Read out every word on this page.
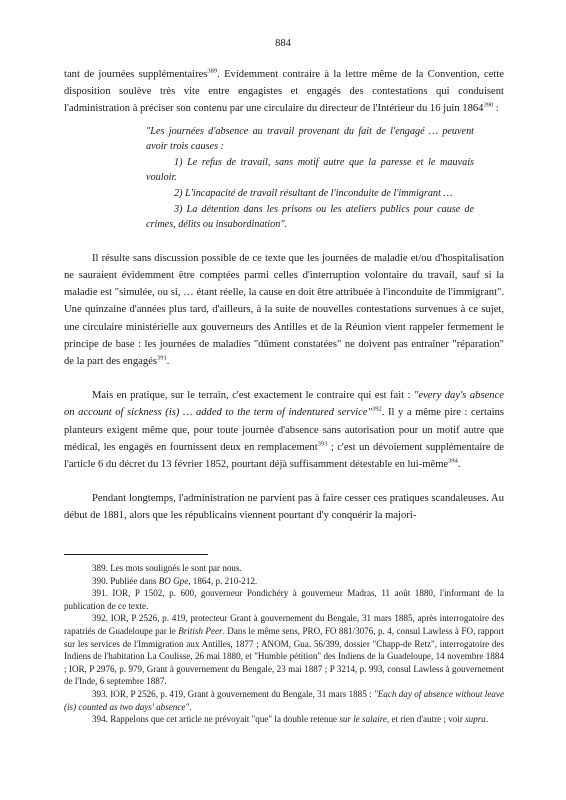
884

tant de journées supplémentaires$^{389}$. Evidemment contraire à la lettre même de la Convention, cette disposition soulève très vite entre engagistes et engagés des contestations qui conduisent l'administration à préciser son contenu par une circulaire du directeur de l'Intérieur du 16 juin 1864$^{390}$ :

"Les journées d'absence au travail provenant du fait de l'engagé … peuvent avoir trois causes :

1) Le refus de travail, sans motif autre que la paresse et le mauvais vouloir.

2) L'incapacité de travail résultant de l'inconduite de l'immigrant …

3) La détention dans les prisons ou les ateliers publics pour cause de crimes, délits ou insubordination".

Il résulte sans discussion possible de ce texte que les journées de maladie et/ou d'hospitalisation ne sauraient évidemment être comptées parmi celles d'interruption volontaire du travail, sauf si la maladie est "simulée, ou si, … étant réelle, la cause en doit être attribuée à l'inconduite de l'immigrant". Une quinzaine d'années plus tard, d'ailleurs, à la suite de nouvelles contestations survenues à ce sujet, une circulaire ministérielle aux gouverneurs des Antilles et de la Réunion vient rappeler fermement le principe de base : les journées de maladies "dûment constatées" ne doivent pas entraîner "réparation" de la part des engagés$^{391}$.

Mais en pratique, sur le terrain, c'est exactement le contraire qui est fait : "every day's absence on account of sickness (is) … added to the term of indentured service"$^{392}$. Il y a même pire : certains planteurs exigent même que, pour toute journée d'absence sans autorisation pour un motif autre que médical, les engagés en fournissent deux en remplacement$^{393}$ ; c'est un dévoiement supplémentaire de l'article 6 du décret du 13 février 1852, pourtant déjà suffisamment détestable en lui-même$^{394}$.

Pendant longtemps, l'administration ne parvient pas à faire cesser ces pratiques scandaleuses. Au début de 1881, alors que les républicains viennent pourtant d'y conquérir la majori-

389. Les mots soulignés le sont par nous.

390. Publiée dans BO Gpe, 1864, p. 210-212.

391. IOR, P 1502, p. 600, gouverneur Pondichéry à gouverneur Madras, 11 août 1880, l'informant de la publication de ce texte.

392. IOR, P 2526, p. 419, protecteur Grant à gouvernement du Bengale, 31 mars 1885, après interrogatoire des rapatriés de Guadeloupe par le British Peer. Dans le même sens, PRO, FO 881/3076, p. 4, consul Lawless à FO, rapport sur les services de l'Immigration aux Antilles, 1877 ; ANOM, Gua. 56/399, dossier "Chapp-de Retz", interrogatoire des Indiens de l'habitation La Coulisse, 26 mai 1880, et "Humble pétition" des Indiens de la Guadeloupe, 14 novembre 1884 ; IOR, P 2976, p. 979, Grant à gouvernement du Bengale, 23 mai 1887 ; P 3214, p. 993, consul Lawless à gouvernement de l'Inde, 6 septembre 1887.

393. IOR, P 2526, p. 419, Grant à gouvernement du Bengale, 31 mars 1885 : "Each day of absence without leave (is) counted as two days' absence".

394. Rappelons que cet article ne prévoyait "que" la double retenue sur le salaire, et rien d'autre ; voir supra.
